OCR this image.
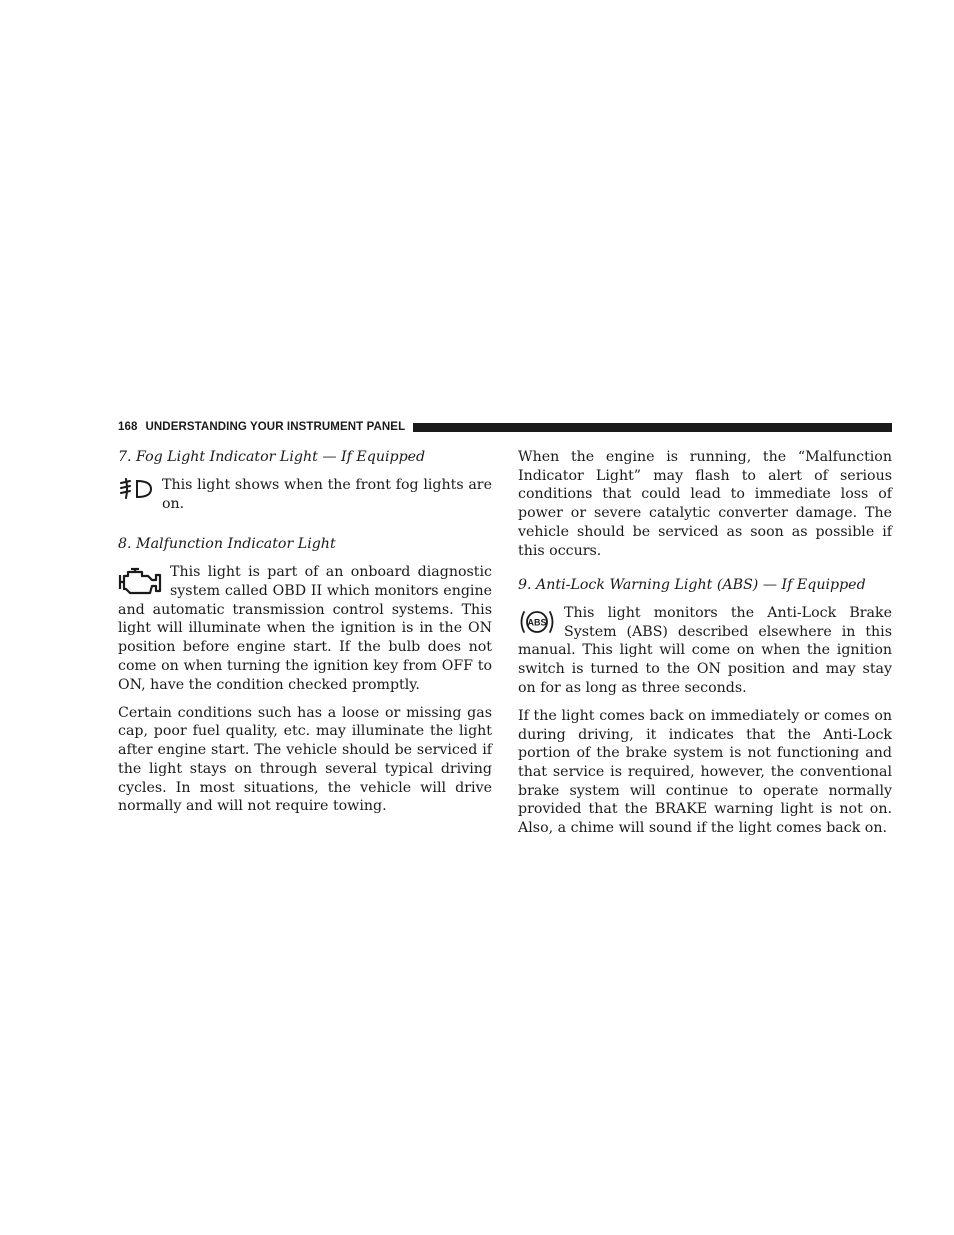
168 UNDERSTANDING YOUR INSTRUMENT PANEL

7. Fog Light Indicator Light — If Equipped

This light shows when the front fog lights are on.

8. Malfunction Indicator Light

This light is part of an onboard diagnostic system called OBD II which monitors engine and automatic transmission control systems. This light will illuminate when the ignition is in the ON position before engine start. If the bulb does not come on when turning the ignition key from OFF to ON, have the condition checked promptly.

Certain conditions such has a loose or missing gas cap, poor fuel quality, etc. may illuminate the light after engine start. The vehicle should be serviced if the light stays on through several typical driving cycles. In most situations, the vehicle will drive normally and will not require towing.

When the engine is running, the “Malfunction Indicator Light” may flash to alert of serious conditions that could lead to immediate loss of power or severe catalytic converter damage. The vehicle should be serviced as soon as possible if this occurs.

9. Anti-Lock Warning Light (ABS) — If Equipped

ABS
This light monitors the Anti-Lock Brake System (ABS) described elsewhere in this manual. This light will come on when the ignition switch is turned to the ON position and may stay on for as long as three seconds.

If the light comes back on immediately or comes on during driving, it indicates that the Anti-Lock portion of the brake system is not functioning and that service is required, however, the conventional brake system will continue to operate normally provided that the BRAKE warning light is not on. Also, a chime will sound if the light comes back on.
